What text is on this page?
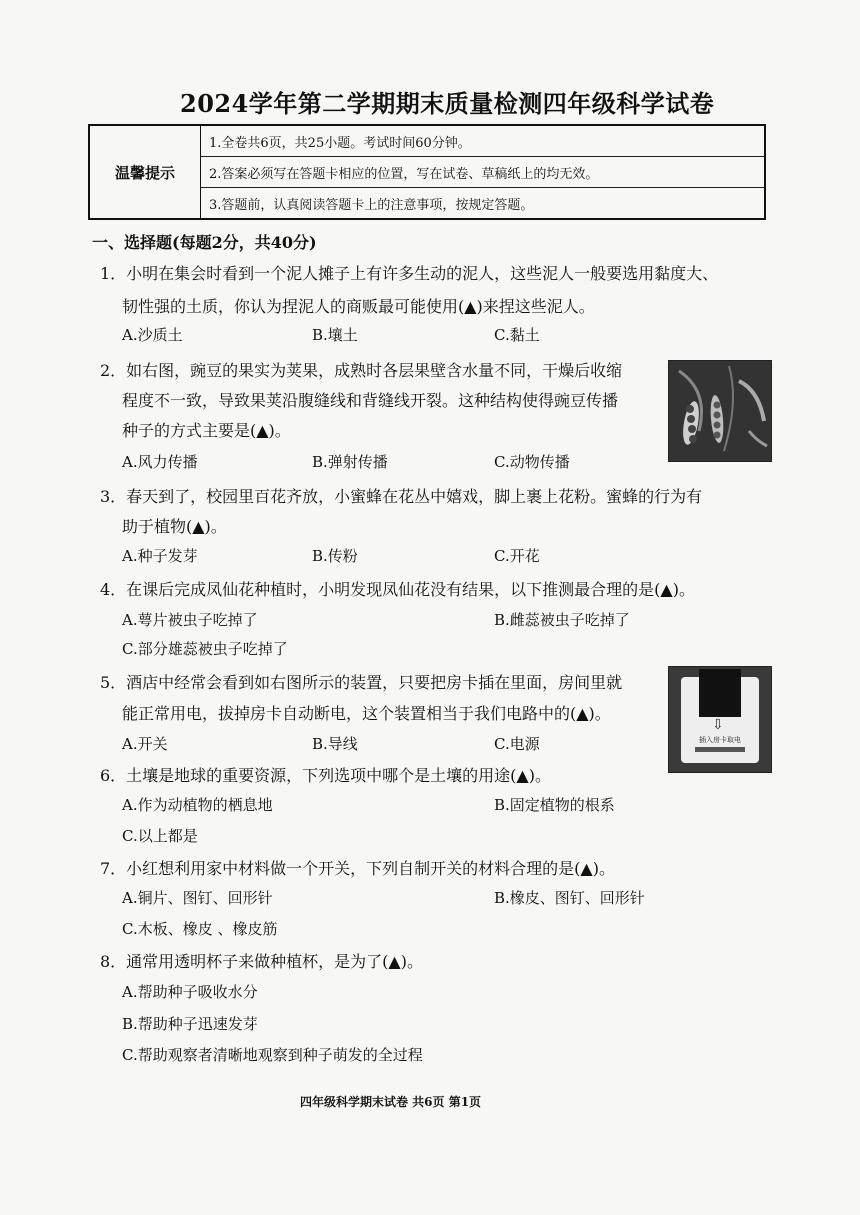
2024学年第二学期期末质量检测四年级科学试卷
温馨提示
1.全卷共6页，共25小题。考试时间60分钟。
2.答案必须写在答题卡相应的位置，写在试卷、草稿纸上的均无效。
3.答题前，认真阅读答题卡上的注意事项，按规定答题。
一、选择题(每题2分，共40分)
1．小明在集会时看到一个泥人摊子上有许多生动的泥人，这些泥人一般要选用黏度大、
韧性强的土质，你认为捏泥人的商贩最可能使用(▲)来捏这些泥人。
A.沙质土	B.壤土	C.黏土
2．如右图，豌豆的果实为荚果，成熟时各层果壁含水量不同，干燥后收缩
程度不一致，导致果荚沿腹缝线和背缝线开裂。这种结构使得豌豆传播
种子的方式主要是(▲)。
A.风力传播	B.弹射传播	C.动物传播
3．春天到了，校园里百花齐放，小蜜蜂在花丛中嬉戏，脚上裹上花粉。蜜蜂的行为有
助于植物(▲)。
A.种子发芽	B.传粉	C.开花
4．在课后完成凤仙花种植时，小明发现凤仙花没有结果，以下推测最合理的是(▲)。
A.萼片被虫子吃掉了	B.雌蕊被虫子吃掉了
C.部分雄蕊被虫子吃掉了
5．酒店中经常会看到如右图所示的装置，只要把房卡插在里面，房间里就
能正常用电，拔掉房卡自动断电，这个装置相当于我们电路中的(▲)。
A.开关	B.导线	C.电源
⇩
插入房卡取电
6．土壤是地球的重要资源，下列选项中哪个是土壤的用途(▲)。
A.作为动植物的栖息地	B.固定植物的根系
C.以上都是
7．小红想利用家中材料做一个开关，下列自制开关的材料合理的是(▲)。
A.铜片、图钉、回形针	B.橡皮、图钉、回形针
C.木板、橡皮 、橡皮筋
8．通常用透明杯子来做种植杯，是为了(▲)。
A.帮助种子吸收水分
B.帮助种子迅速发芽
C.帮助观察者清晰地观察到种子萌发的全过程
四年级科学期末试卷 共6页 第1页
